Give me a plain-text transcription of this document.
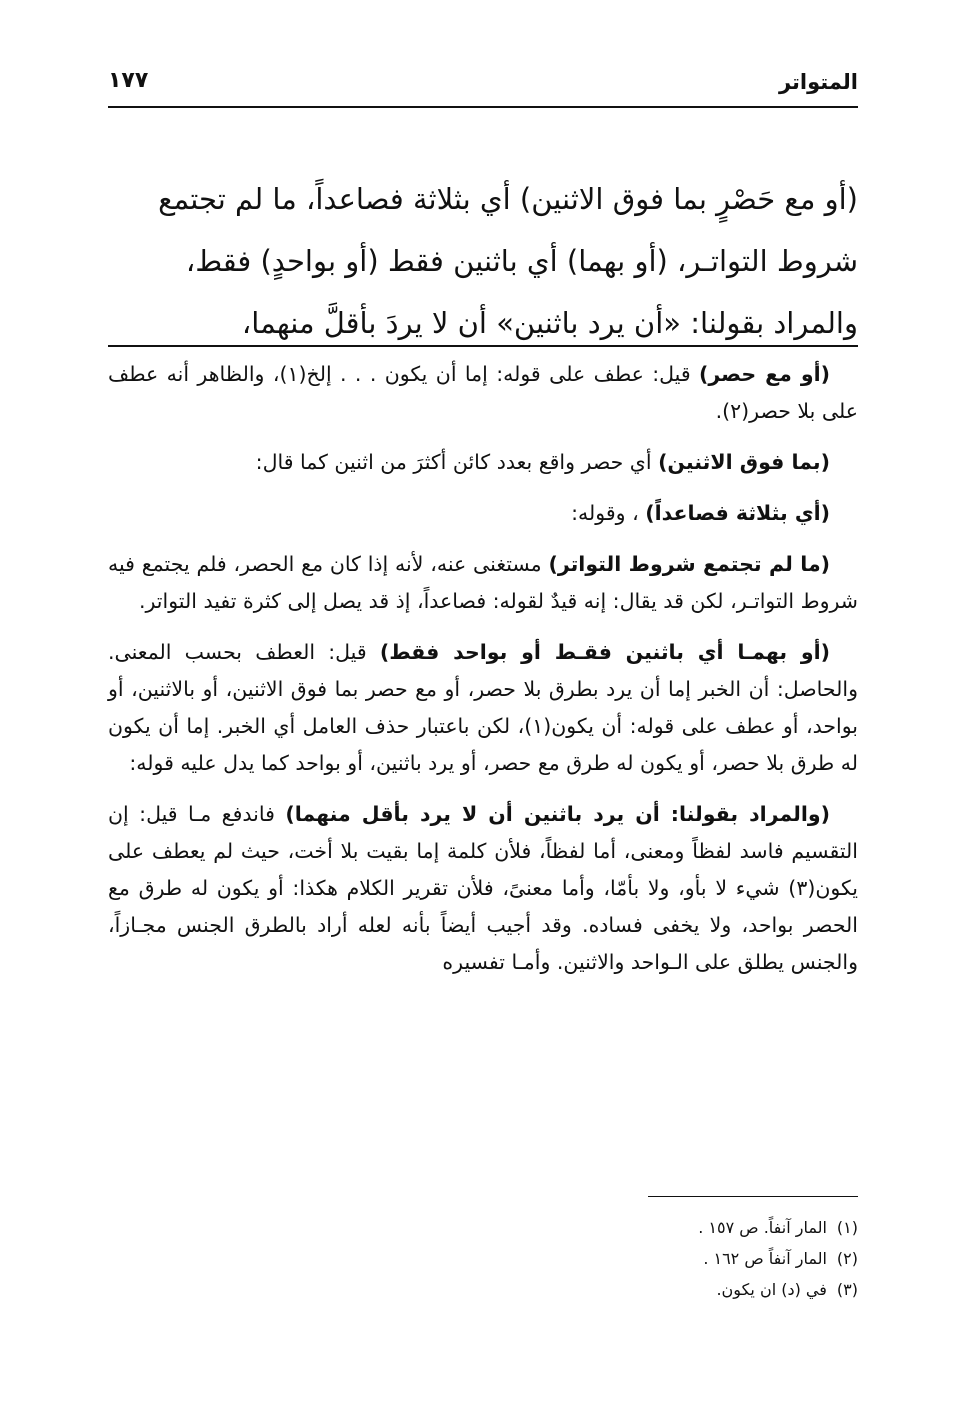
المتواتر
١٧٧

(أو مع حَصْرٍ بما فوق الاثنين) أي بثلاثة فصاعداً، ما لم تجتمع

شروط التواتـر، (أو بهما) أي باثنين فقط (أو بواحدٍ) فقط،

والمراد بقولنا: «أن يرد باثنين» أن لا يردَ بأقلَّ منهما،

(أو مع حصر) قيل: عطف على قوله: إما أن يكون . . . إلخ(١)، والظاهر أنه عطف على بلا حصر(٢).

(بما فوق الاثنين) أي حصر واقع بعدد كائن أكثرَ من اثنين كما قال:

(أي بثلاثة فصاعداً) ، وقوله:

(ما لم تجتمع شروط التواتر) مستغنى عنه، لأنه إذا كان مع الحصر، فلم يجتمع فيه شروط التواتـر، لكن قد يقال: إنه قيدٌ لقوله: فصاعداً، إذ قد يصل إلى كثرة تفيد التواتر.

(أو بهمـا أي باثنين فقـط أو بواحد فقط) قيل: العطف بحسب المعنى. والحاصل: أن الخبر إما أن يرد بطرق بلا حصر، أو مع حصر بما فوق الاثنين، أو بالاثنين، أو بواحد، أو عطف على قوله: أن يكون(١)، لكن باعتبار حذف العامل أي الخبر. إما أن يكون له طرق بلا حصر، أو يكون له طرق مع حصر، أو يرد باثنين، أو بواحد كما يدل عليه قوله:

(والمراد بقولنا: أن يرد باثنين أن لا يرد بأقل منهما) فاندفع مـا قيل: إن التقسيم فاسد لفظاً ومعنى، أما لفظاً، فلأن كلمة إما بقيت بلا أخت، حيث لم يعطف على يكون(٣) شيء لا بأو، ولا بأمّا، وأما معنىً، فلأن تقرير الكلام هكذا: أو يكون له طرق مع الحصر بواحد، ولا يخفى فساده. وقد أجيب أيضاً بأنه لعله أراد بالطرق الجنس مجـازاً، والجنس يطلق على الـواحد والاثنين. وأمـا تفسيره

(١)المار آنفاً. ص ١٥٧ .
(٢)المار آنفاً ص ١٦٢ .
(٣)في (د) ان يكون.
